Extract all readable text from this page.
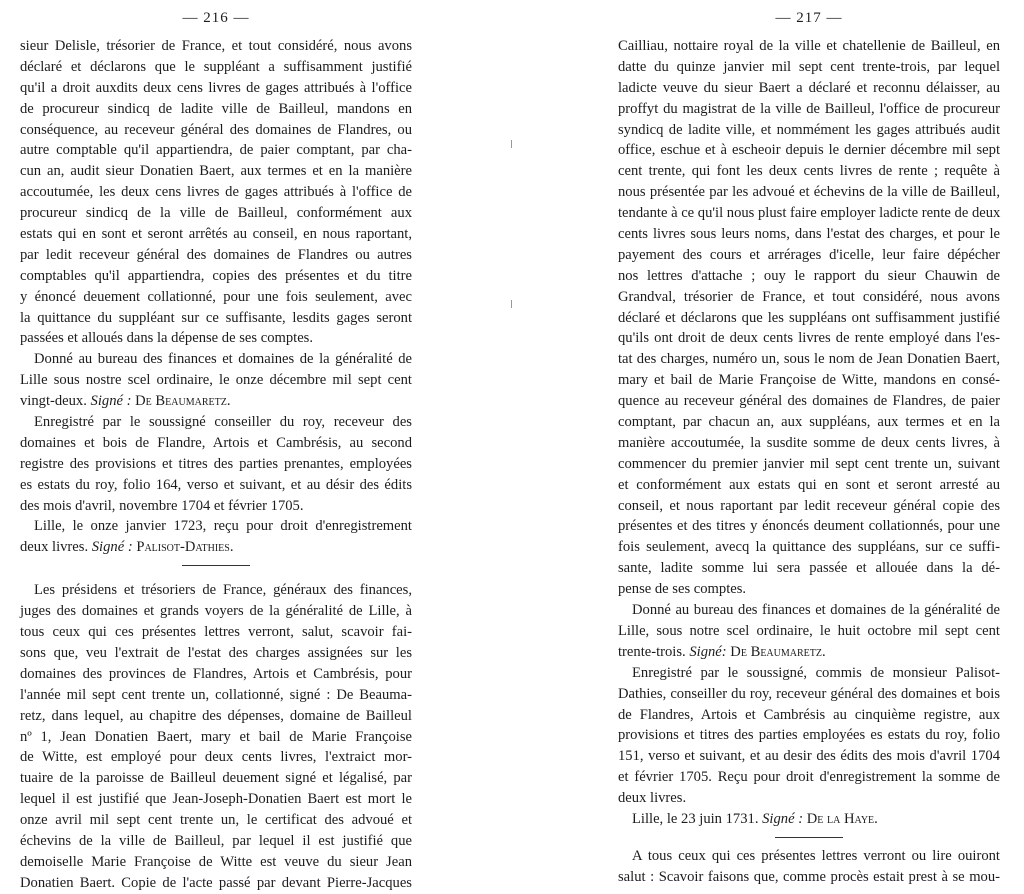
— 216 —
sieur Delisle, trésorier de France, et tout considéré, nous avons
déclaré et déclarons que le suppléant a suffisamment justifié
qu'il a droit auxdits deux cens livres de gages attribués à l'office
de procureur sindicq de ladite ville de Bailleul, mandons en
conséquence, au receveur général des domaines de Flandres, ou
autre comptable qu'il appartiendra, de paier comptant, par cha-
cun an, audit sieur Donatien Baert, aux termes et en la manière
accoutumée, les deux cens livres de gages attribués à l'office de
procureur sindicq de la ville de Bailleul, conformément aux
estats qui en sont et seront arrêtés au conseil, en nous raportant,
par ledit receveur général des domaines de Flandres ou autres
comptables qu'il appartiendra, copies des présentes et du titre
y énoncé deuement collationné, pour une fois seulement, avec
la quittance du suppléant sur ce suffisante, lesdits gages seront
passées et alloués dans la dépense de ses comptes.
Donné au bureau des finances et domaines de la généralité de
Lille sous nostre scel ordinaire, le onze décembre mil sept cent
vingt-deux. Signé : De Beaumaretz.
Enregistré par le soussigné conseiller du roy, receveur des
domaines et bois de Flandre, Artois et Cambrésis, au second
registre des provisions et titres des parties prenantes, employées
es estats du roy, folio 164, verso et suivant, et au désir des édits
des mois d'avril, novembre 1704 et février 1705.
Lille, le onze janvier 1723, reçu pour droit d'enregistrement
deux livres. Signé : Palisot-Dathies.
Les présidens et trésoriers de France, généraux des finances,
juges des domaines et grands voyers de la généralité de Lille, à
tous ceux qui ces présentes lettres verront, salut, scavoir fai-
sons que, veu l'extrait de l'estat des charges assignées sur les
domaines des provinces de Flandres, Artois et Cambrésis, pour
l'année mil sept cent trente un, collationné, signé : De Beauma-
retz, dans lequel, au chapitre des dépenses, domaine de Bailleul
nº 1, Jean Donatien Baert, mary et bail de Marie Françoise
de Witte, est employé pour deux cents livres, l'extraict mor-
tuaire de la paroisse de Bailleul deuement signé et légalisé, par
lequel il est justifié que Jean-Joseph-Donatien Baert est mort le
onze avril mil sept cent trente un, le certificat des advoué et
échevins de la ville de Bailleul, par lequel il est justifié que
demoiselle Marie Françoise de Witte est veuve du sieur Jean
Donatien Baert. Copie de l'acte passé par devant Pierre-Jacques
— 217 —
Cailliau, nottaire royal de la ville et chatellenie de Bailleul, en
datte du quinze janvier mil sept cent trente-trois, par lequel
ladicte veuve du sieur Baert a déclaré et reconnu délaisser, au
proffyt du magistrat de la ville de Bailleul, l'office de procureur
syndicq de ladite ville, et nommément les gages attribués audit
office, eschue et à escheoir depuis le dernier décembre mil sept
cent trente, qui font les deux cents livres de rente ; requête à
nous présentée par les advoué et échevins de la ville de Bailleul,
tendante à ce qu'il nous plust faire employer ladicte rente de deux
cents livres sous leurs noms, dans l'estat des charges, et pour le
payement des cours et arrérages d'icelle, leur faire dépécher
nos lettres d'attache ; ouy le rapport du sieur Chauwin de
Grandval, trésorier de France, et tout considéré, nous avons
déclaré et déclarons que les suppléans ont suffisamment justifié
qu'ils ont droit de deux cents livres de rente employé dans l'es-
tat des charges, numéro un, sous le nom de Jean Donatien Baert,
mary et bail de Marie Françoise de Witte, mandons en consé-
quence au receveur général des domaines de Flandres, de paier
comptant, par chacun an, aux suppléans, aux termes et en la
manière accoutumée, la susdite somme de deux cents livres, à
commencer du premier janvier mil sept cent trente un, suivant
et conformément aux estats qui en sont et seront arresté au
conseil, et nous raportant par ledit receveur général copie des
présentes et des titres y énoncés deument collationnés, pour une
fois seulement, avecq la quittance des suppléans, sur ce suffi-
sante, ladite somme lui sera passée et allouée dans la dé-
pense de ses comptes.
Donné au bureau des finances et domaines de la généralité de
Lille, sous notre scel ordinaire, le huit octobre mil sept cent
trente-trois. Signé: De Beaumaretz.
Enregistré par le soussigné, commis de monsieur Palisot-
Dathies, conseiller du roy, receveur général des domaines et bois
de Flandres, Artois et Cambrésis au cinquième registre, aux
provisions et titres des parties employées es estats du roy, folio
151, verso et suivant, et au desir des édits des mois d'avril 1704
et février 1705. Reçu pour droit d'enregistrement la somme de
deux livres.
Lille, le 23 juin 1731. Signé : De la Haye.
A tous ceux qui ces présentes lettres verront ou lire ouiront
salut : Scavoir faisons que, comme procès estait prest à se mou-
